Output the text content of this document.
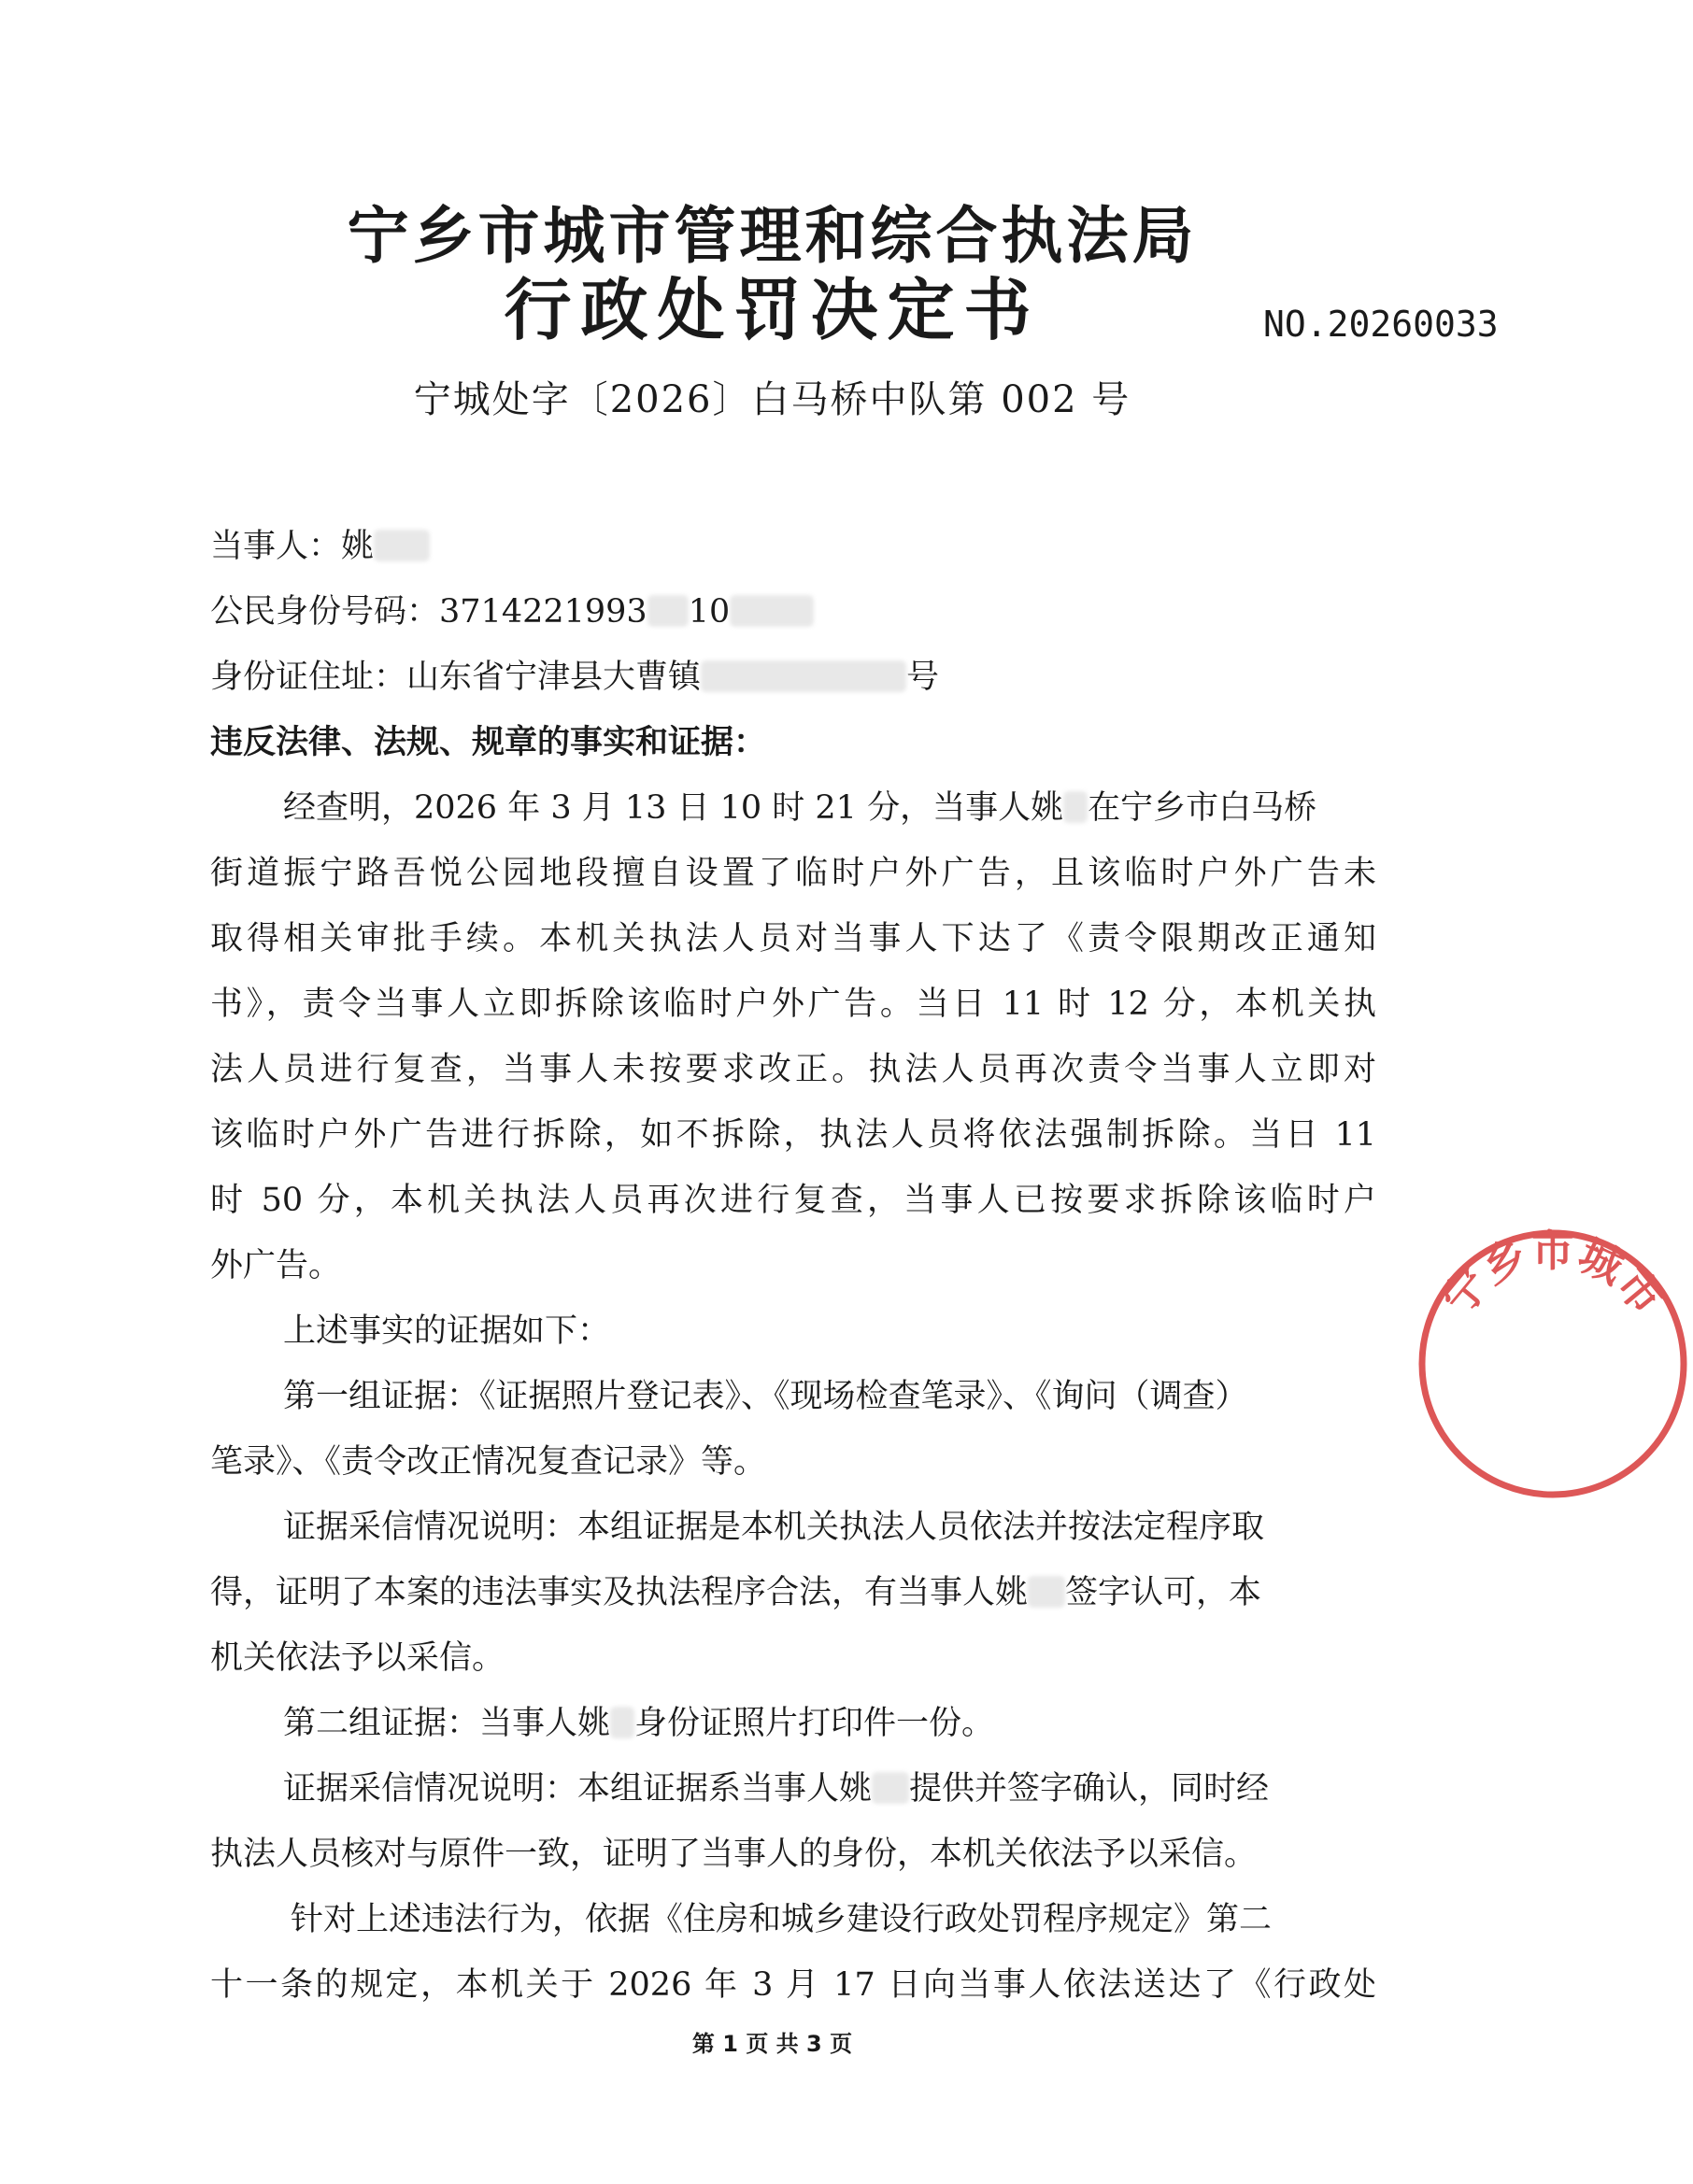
宁乡市城市管理和综合执法局
行政处罚决定书	NO.20260033
宁城处字〔2026〕白马桥中队第 002 号
当事人：姚
公民身份号码：3714221993 10
身份证住址：山东省宁津县大曹镇	号
违反法律、法规、规章的事实和证据：
经查明，2026 年 3 月 13 日 10 时 21 分，当事人姚 在宁乡市白马桥
街道振宁路吾悦公园地段擅自设置了临时户外广告，且该临时户外广告未
取得相关审批手续。本机关执法人员对当事人下达了《责令限期改正通知
书》，责令当事人立即拆除该临时户外广告。当日 11 时 12 分，本机关执
法人员进行复查，当事人未按要求改正。执法人员再次责令当事人立即对
该临时户外广告进行拆除，如不拆除，执法人员将依法强制拆除。当日 11
时 50 分，本机关执法人员再次进行复查，当事人已按要求拆除该临时户
外广告。
上述事实的证据如下：
第一组证据：《证据照片登记表》、《现场检查笔录》、《询问（调查）
笔录》、《责令改正情况复查记录》等。
证据采信情况说明：本组证据是本机关执法人员依法并按法定程序取
得，证明了本案的违法事实及执法程序合法，有当事人姚 签字认可，本
机关依法予以采信。
第二组证据：当事人姚 身份证照片打印件一份。
证据采信情况说明：本组证据系当事人姚 提供并签字确认，同时经
执法人员核对与原件一致，证明了当事人的身份，本机关依法予以采信。
针对上述违法行为，依据《住房和城乡建设行政处罚程序规定》第二
十一条的规定，本机关于 2026 年 3 月 17 日向当事人依法送达了《行政处
宁乡市城市
第 1 页 共 3 页
